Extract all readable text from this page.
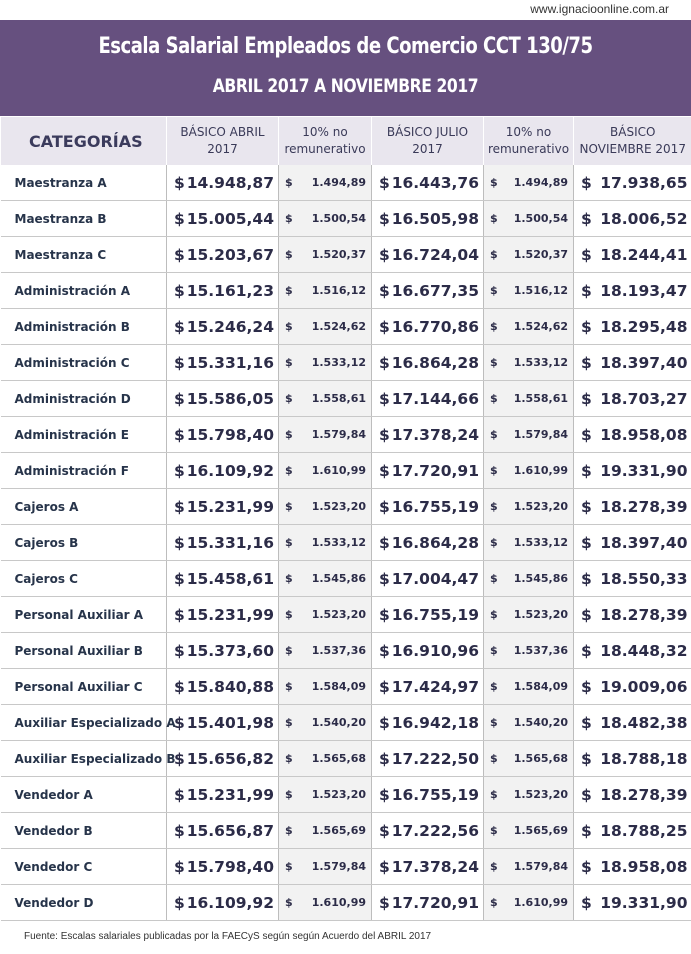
www.ignacioonline.com.ar
Escala Salarial Empleados de Comercio CCT 130/75
ABRIL 2017 A NOVIEMBRE 2017
CATEGORÍAS	BÁSICO ABRIL 2017	10% no remunerativo	BÁSICO JULIO 2017	10% no remunerativo	BÁSICO NOVIEMBRE 2017
Maestranza A	$ 14.948,87	$ 1.494,89	$ 16.443,76	$ 1.494,89	$ 17.938,65

Maestranza B	$ 15.005,44	$ 1.500,54	$ 16.505,98	$ 1.500,54	$ 18.006,52

Maestranza C	$ 15.203,67	$ 1.520,37	$ 16.724,04	$ 1.520,37	$ 18.244,41

Administración A	$ 15.161,23	$ 1.516,12	$ 16.677,35	$ 1.516,12	$ 18.193,47

Administración B	$ 15.246,24	$ 1.524,62	$ 16.770,86	$ 1.524,62	$ 18.295,48

Administración C	$ 15.331,16	$ 1.533,12	$ 16.864,28	$ 1.533,12	$ 18.397,40

Administración D	$ 15.586,05	$ 1.558,61	$ 17.144,66	$ 1.558,61	$ 18.703,27

Administración E	$ 15.798,40	$ 1.579,84	$ 17.378,24	$ 1.579,84	$ 18.958,08

Administración F	$ 16.109,92	$ 1.610,99	$ 17.720,91	$ 1.610,99	$ 19.331,90

Cajeros A	$ 15.231,99	$ 1.523,20	$ 16.755,19	$ 1.523,20	$ 18.278,39

Cajeros B	$ 15.331,16	$ 1.533,12	$ 16.864,28	$ 1.533,12	$ 18.397,40

Cajeros C	$ 15.458,61	$ 1.545,86	$ 17.004,47	$ 1.545,86	$ 18.550,33

Personal Auxiliar A	$ 15.231,99	$ 1.523,20	$ 16.755,19	$ 1.523,20	$ 18.278,39

Personal Auxiliar B	$ 15.373,60	$ 1.537,36	$ 16.910,96	$ 1.537,36	$ 18.448,32

Personal Auxiliar C	$ 15.840,88	$ 1.584,09	$ 17.424,97	$ 1.584,09	$ 19.009,06

Auxiliar Especializado A	$ 15.401,98	$ 1.540,20	$ 16.942,18	$ 1.540,20	$ 18.482,38

Auxiliar Especializado B	$ 15.656,82	$ 1.565,68	$ 17.222,50	$ 1.565,68	$ 18.788,18

Vendedor A	$ 15.231,99	$ 1.523,20	$ 16.755,19	$ 1.523,20	$ 18.278,39

Vendedor B	$ 15.656,87	$ 1.565,69	$ 17.222,56	$ 1.565,69	$ 18.788,25

Vendedor C	$ 15.798,40	$ 1.579,84	$ 17.378,24	$ 1.579,84	$ 18.958,08

Vendedor D	$ 16.109,92	$ 1.610,99	$ 17.720,91	$ 1.610,99	$ 19.331,90
Fuente: Escalas salariales publicadas por la FAECyS según según Acuerdo del ABRIL 2017
